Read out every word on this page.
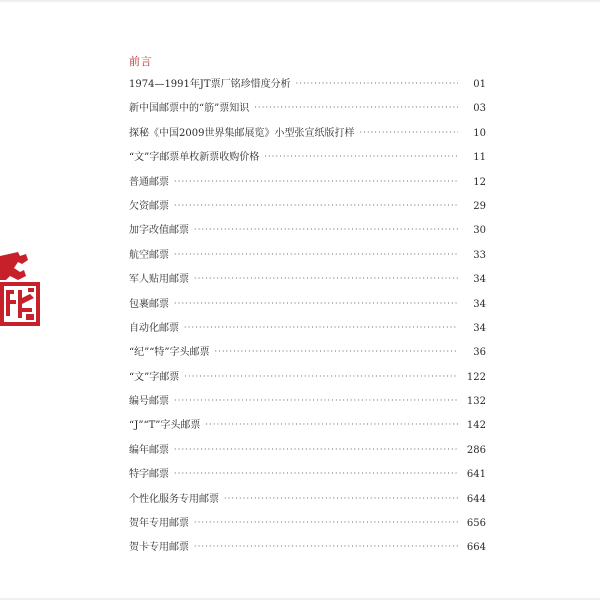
前言
1974—1991年JT票厂铭珍惜度分析 ·····	01
新中国邮票中的“筋”票知识 ·····	03
探秘《中国2009世界集邮展览》小型张宣纸版打样 ·····	10
“文”字邮票单枚新票收购价格 ·····	11
普通邮票 ·····	12
欠资邮票 ·····	29
加字改值邮票 ·····	30
航空邮票 ·····	33
军人贴用邮票 ·····	34
包裹邮票 ·····	34
自动化邮票 ·····	34
“纪”“特”字头邮票 ·····	36
“文”字邮票 ·····	122
编号邮票 ·····	132
“J”“T”字头邮票 ·····	142
编年邮票 ·····	286
特字邮票 ·····	641
个性化服务专用邮票 ·····	644
贺年专用邮票 ·····	656
贺卡专用邮票 ·····	664
